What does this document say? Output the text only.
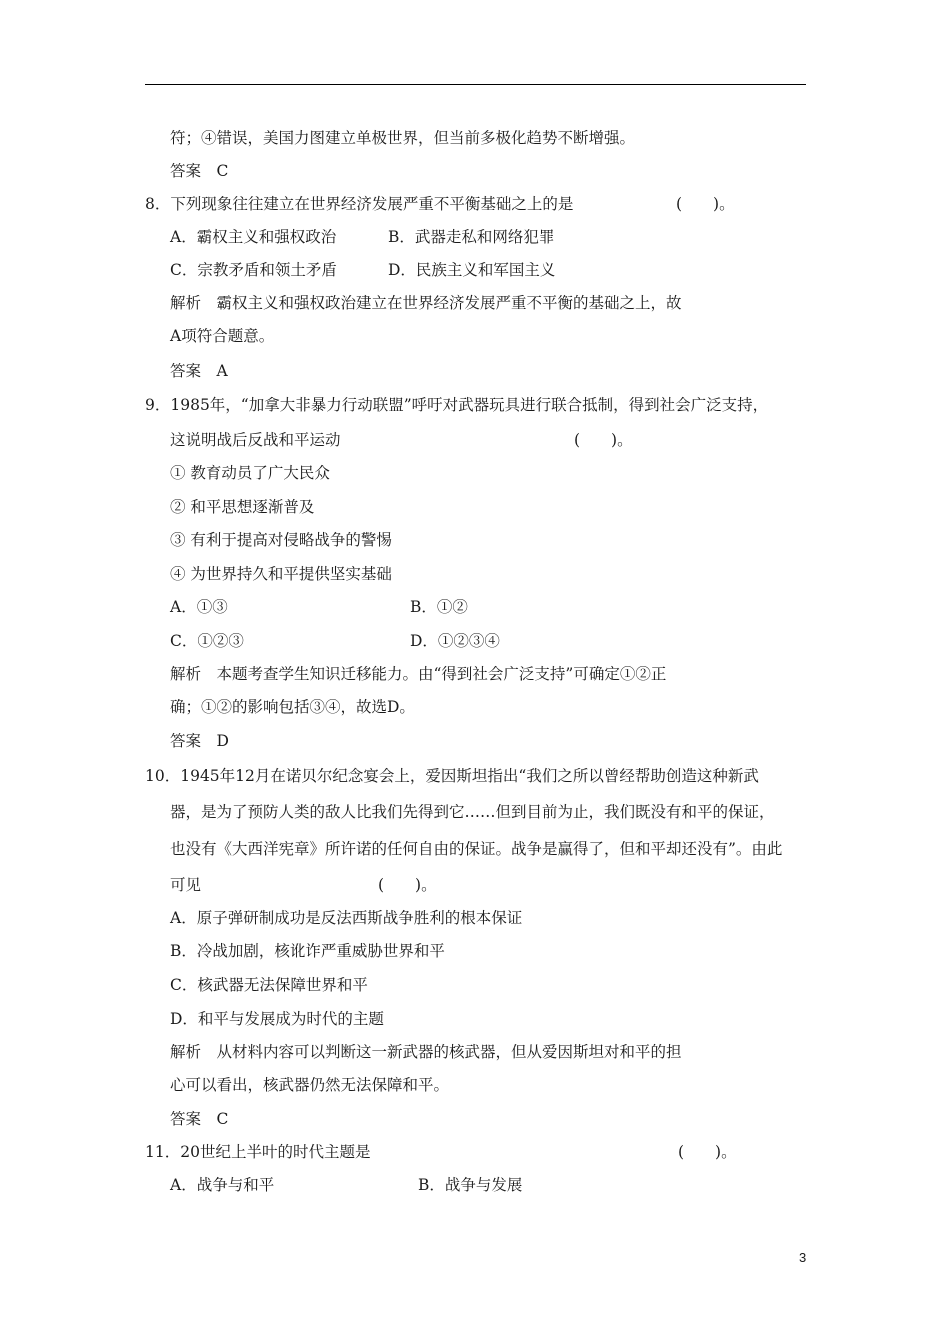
符；④错误，美国力图建立单极世界，但当前多极化趋势不断增强。
答案　C
8．下列现象往往建立在世界经济发展严重不平衡基础之上的是	(　　)。
A．霸权主义和强权政治	B．武器走私和网络犯罪
C．宗教矛盾和领土矛盾	D．民族主义和军国主义
解析　霸权主义和强权政治建立在世界经济发展严重不平衡的基础之上，故
A项符合题意。
答案　A
9．1985年，“加拿大非暴力行动联盟”呼吁对武器玩具进行联合抵制，得到社会广泛支持，
这说明战后反战和平运动	(　　)。
① 教育动员了广大民众
② 和平思想逐渐普及
③ 有利于提高对侵略战争的警惕
④ 为世界持久和平提供坚实基础
A．①③	B．①②
C．①②③	D．①②③④
解析　本题考查学生知识迁移能力。由“得到社会广泛支持”可确定①②正
确；①②的影响包括③④，故选D。
答案　D
10．1945年12月在诺贝尔纪念宴会上，爱因斯坦指出“我们之所以曾经帮助创造这种新武
器，是为了预防人类的敌人比我们先得到它……但到目前为止，我们既没有和平的保证，
也没有《大西洋宪章》所许诺的任何自由的保证。战争是赢得了，但和平却还没有”。由此
可见	(　　)。
A．原子弹研制成功是反法西斯战争胜利的根本保证
B．冷战加剧，核讹诈严重威胁世界和平
C．核武器无法保障世界和平
D．和平与发展成为时代的主题
解析　从材料内容可以判断这一新武器的核武器，但从爱因斯坦对和平的担
心可以看出，核武器仍然无法保障和平。
答案　C
11．20世纪上半叶的时代主题是	(　　)。
A．战争与和平	B．战争与发展
3
